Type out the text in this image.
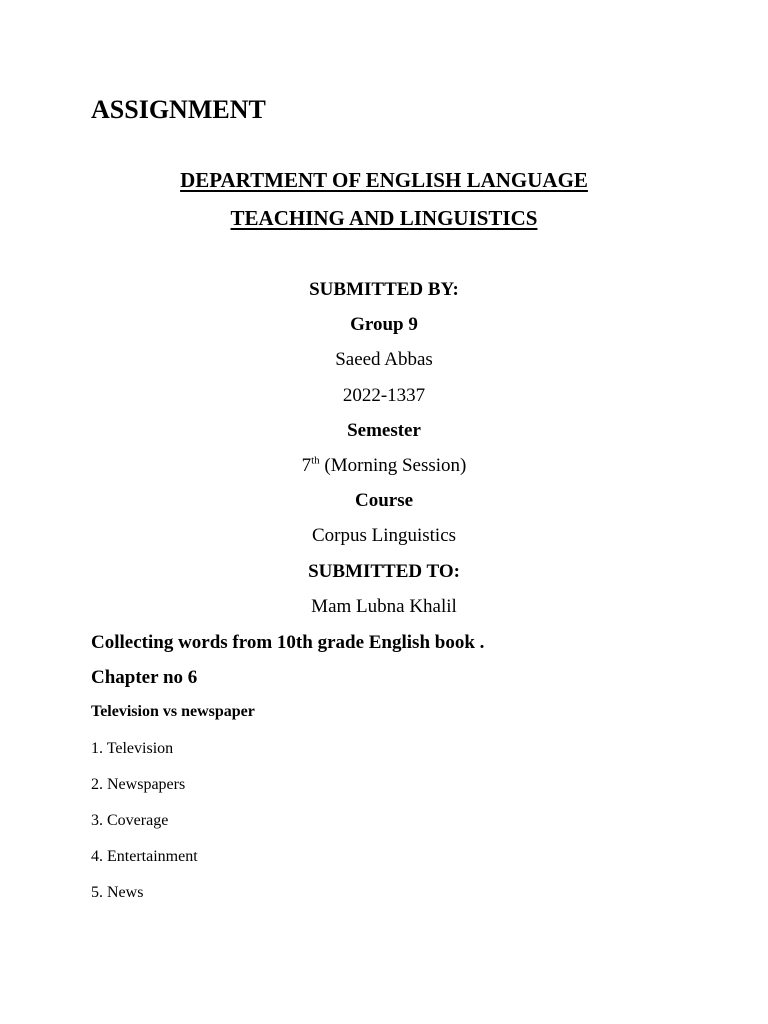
ASSIGNMENT
DEPARTMENT OF ENGLISH LANGUAGE
TEACHING AND LINGUISTICS
SUBMITTED BY:
Group 9
Saeed Abbas
2022-1337
Semester
7th (Morning Session)
Course
Corpus Linguistics
SUBMITTED TO:
Mam Lubna Khalil
Collecting words from 10th grade English book .
Chapter no 6
Television vs newspaper
1. Television
2. Newspapers
3. Coverage
4. Entertainment
5. News
